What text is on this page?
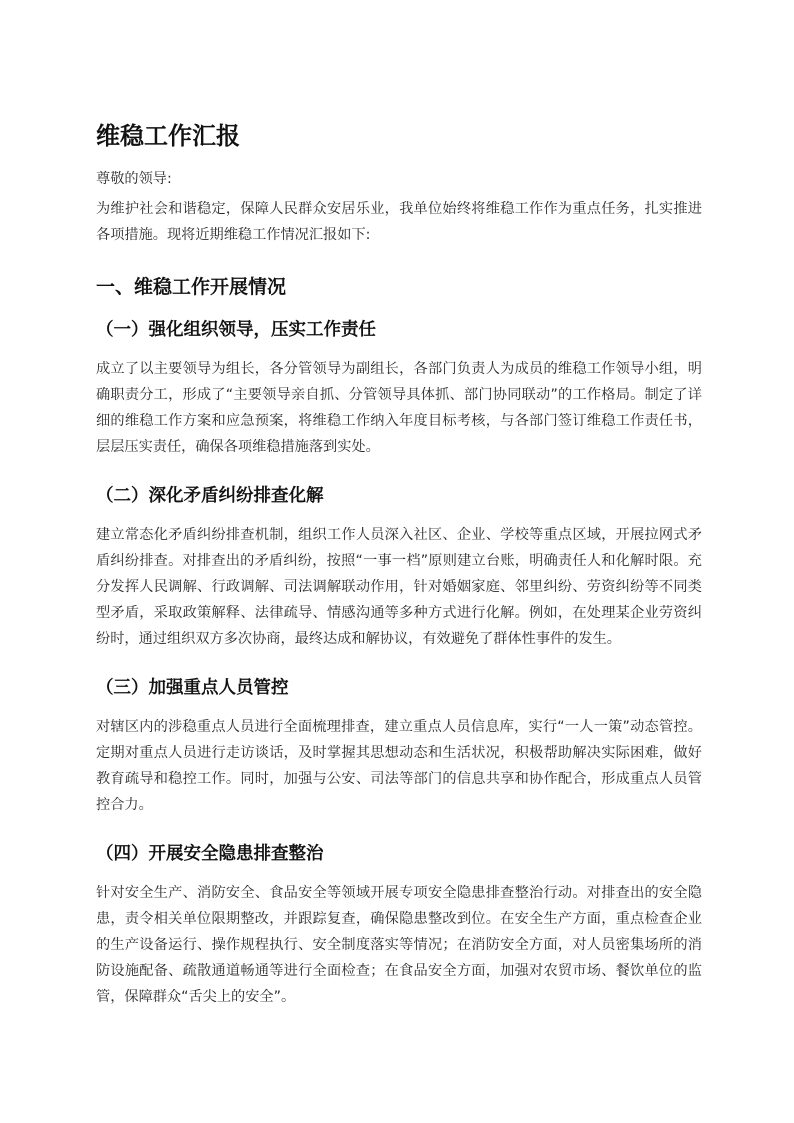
维稳工作汇报

尊敬的领导:

为维护社会和谐稳定，保障人民群众安居乐业，我单位始终将维稳工作作为重点任务，扎实推进各项措施。现将近期维稳工作情况汇报如下:

一、维稳工作开展情况
（一）强化组织领导，压实工作责任

成立了以主要领导为组长，各分管领导为副组长，各部门负责人为成员的维稳工作领导小组，明确职责分工，形成了“主要领导亲自抓、分管领导具体抓、部门协同联动”的工作格局。制定了详细的维稳工作方案和应急预案，将维稳工作纳入年度目标考核，与各部门签订维稳工作责任书，层层压实责任，确保各项维稳措施落到实处。

（二）深化矛盾纠纷排查化解

建立常态化矛盾纠纷排查机制，组织工作人员深入社区、企业、学校等重点区域，开展拉网式矛盾纠纷排查。对排查出的矛盾纠纷，按照“一事一档”原则建立台账，明确责任人和化解时限。充分发挥人民调解、行政调解、司法调解联动作用，针对婚姻家庭、邻里纠纷、劳资纠纷等不同类型矛盾，采取政策解释、法律疏导、情感沟通等多种方式进行化解。例如，在处理某企业劳资纠纷时，通过组织双方多次协商，最终达成和解协议，有效避免了群体性事件的发生。

（三）加强重点人员管控

对辖区内的涉稳重点人员进行全面梳理排查，建立重点人员信息库，实行“一人一策”动态管控。定期对重点人员进行走访谈话，及时掌握其思想动态和生活状况，积极帮助解决实际困难，做好教育疏导和稳控工作。同时，加强与公安、司法等部门的信息共享和协作配合，形成重点人员管控合力。

（四）开展安全隐患排查整治

针对安全生产、消防安全、食品安全等领域开展专项安全隐患排查整治行动。对排查出的安全隐患，责令相关单位限期整改，并跟踪复查，确保隐患整改到位。在安全生产方面，重点检查企业的生产设备运行、操作规程执行、安全制度落实等情况；在消防安全方面，对人员密集场所的消防设施配备、疏散通道畅通等进行全面检查；在食品安全方面，加强对农贸市场、餐饮单位的监管，保障群众“舌尖上的安全”。
